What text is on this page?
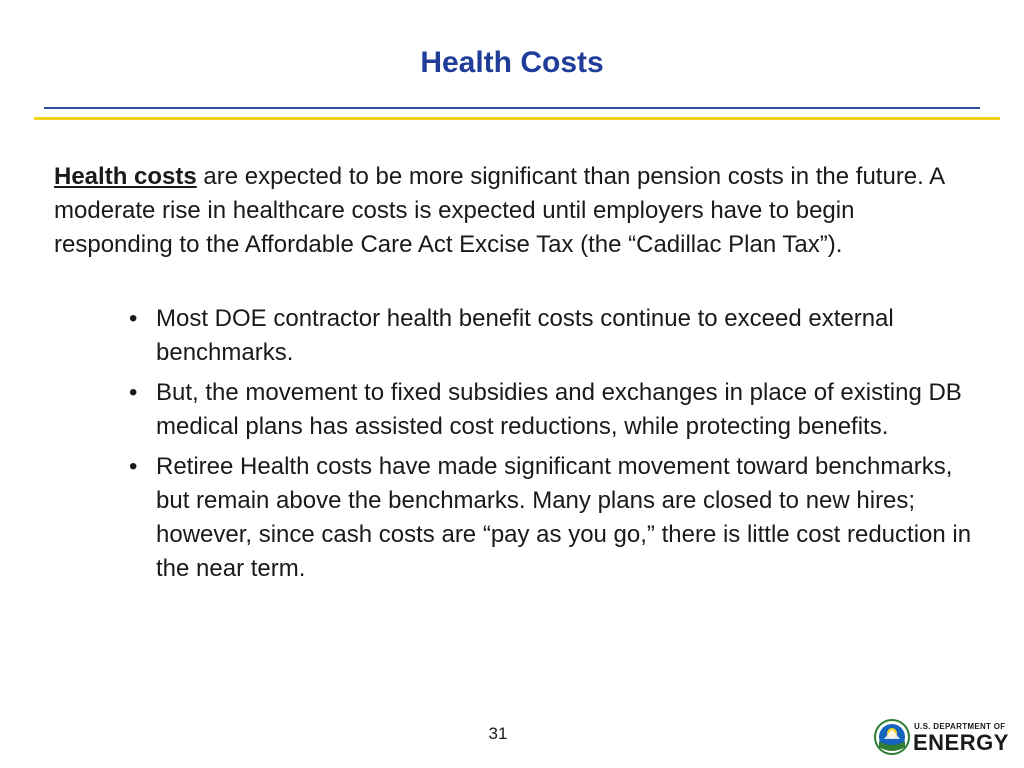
Health Costs

Health costs are expected to be more significant than pension costs in the future. A moderate rise in healthcare costs is expected until employers have to begin responding to the Affordable Care Act Excise Tax (the “Cadillac Plan Tax”).

• Most DOE contractor health benefit costs continue to exceed external benchmarks.
• But, the movement to fixed subsidies and exchanges in place of existing DB medical plans has assisted cost reductions, while protecting benefits.
• Retiree Health costs have made significant movement toward benchmarks, but remain above the benchmarks. Many plans are closed to new hires; however, since cash costs are “pay as you go,” there is little cost reduction in the near term.
31	U.S. DEPARTMENT OF
ENERGY
